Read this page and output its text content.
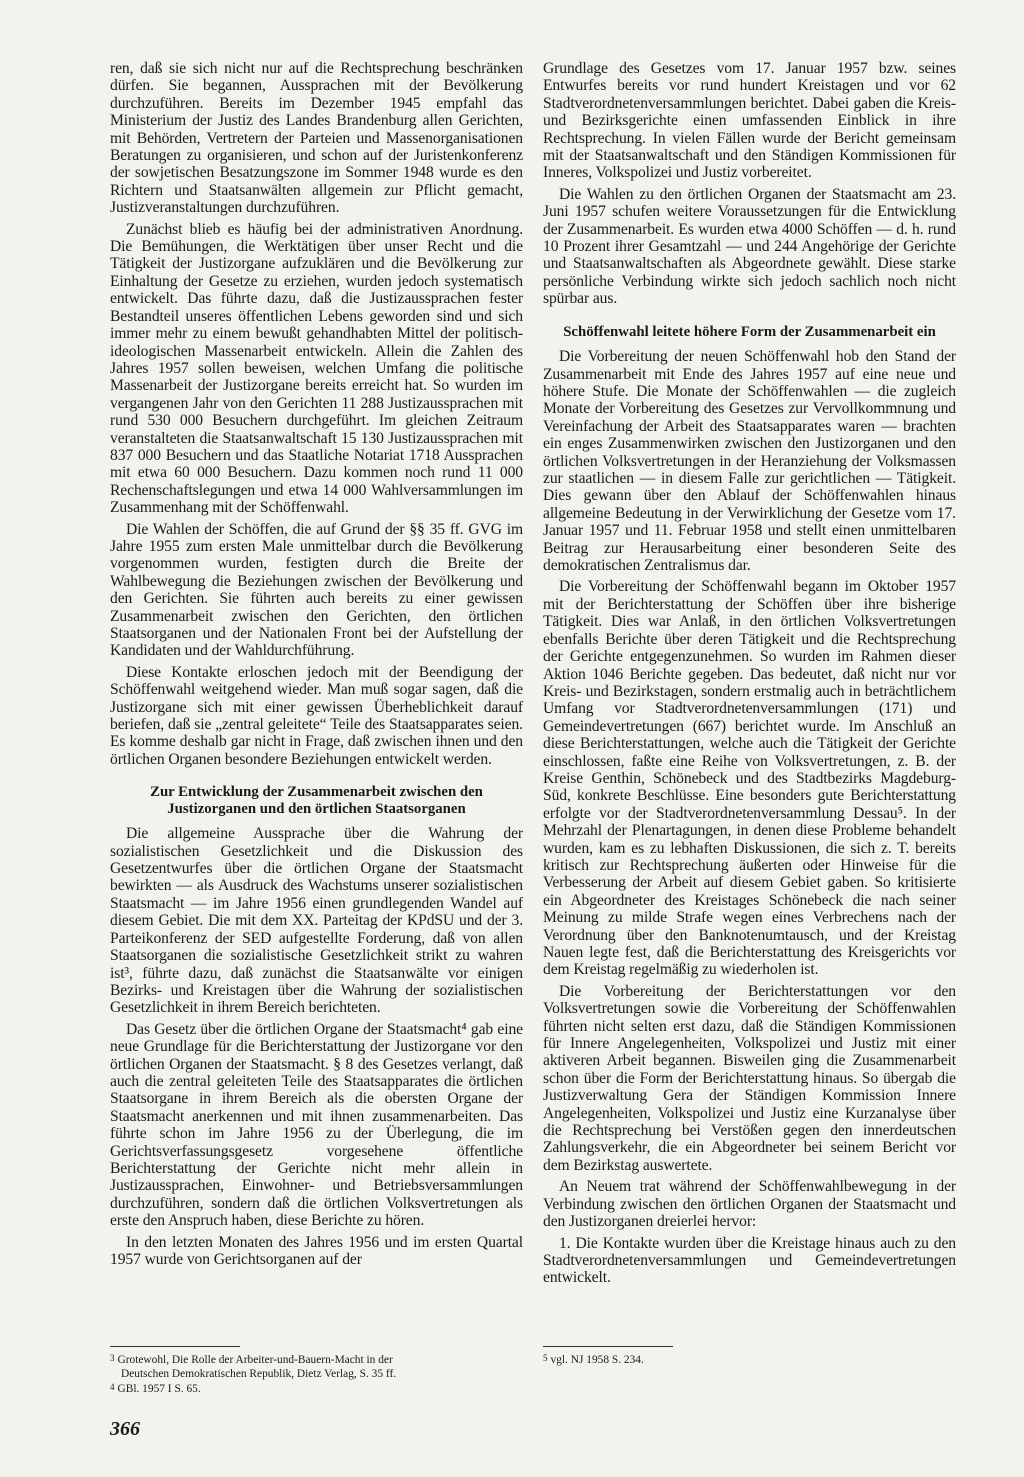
ren, daß sie sich nicht nur auf die Rechtsprechung beschränken dürfen. Sie begannen, Aussprachen mit der Bevölkerung durchzuführen. Bereits im Dezember 1945 empfahl das Ministerium der Justiz des Landes Brandenburg allen Gerichten, mit Behörden, Vertretern der Parteien und Massenorganisationen Beratungen zu organisieren, und schon auf der Juristenkonferenz der sowjetischen Besatzungszone im Sommer 1948 wurde es den Richtern und Staatsanwälten allgemein zur Pflicht gemacht, Justizveranstaltungen durchzuführen.

Zunächst blieb es häufig bei der administrativen Anordnung. Die Bemühungen, die Werktätigen über unser Recht und die Tätigkeit der Justizorgane aufzuklären und die Bevölkerung zur Einhaltung der Gesetze zu erziehen, wurden jedoch systematisch entwickelt. Das führte dazu, daß die Justizaussprachen fester Bestandteil unseres öffentlichen Lebens geworden sind und sich immer mehr zu einem bewußt gehandhabten Mittel der politisch-ideologischen Massenarbeit entwickeln. Allein die Zahlen des Jahres 1957 sollen beweisen, welchen Umfang die politische Massenarbeit der Justizorgane bereits erreicht hat. So wurden im vergangenen Jahr von den Gerichten 11 288 Justizaussprachen mit rund 530 000 Besuchern durchgeführt. Im gleichen Zeitraum veranstalteten die Staatsanwaltschaft 15 130 Justizaussprachen mit 837 000 Besuchern und das Staatliche Notariat 1718 Aussprachen mit etwa 60 000 Besuchern. Dazu kommen noch rund 11 000 Rechenschaftslegungen und etwa 14 000 Wahlversammlungen im Zusammenhang mit der Schöffenwahl.

Die Wahlen der Schöffen, die auf Grund der §§ 35 ff. GVG im Jahre 1955 zum ersten Male unmittelbar durch die Bevölkerung vorgenommen wurden, festigten durch die Breite der Wahlbewegung die Beziehungen zwischen der Bevölkerung und den Gerichten. Sie führten auch bereits zu einer gewissen Zusammenarbeit zwischen den Gerichten, den örtlichen Staatsorganen und der Nationalen Front bei der Aufstellung der Kandidaten und der Wahldurchführung.

Diese Kontakte erloschen jedoch mit der Beendigung der Schöffenwahl weitgehend wieder. Man muß sogar sagen, daß die Justizorgane sich mit einer gewissen Überheblichkeit darauf beriefen, daß sie „zentral geleitete“ Teile des Staatsapparates seien. Es komme deshalb gar nicht in Frage, daß zwischen ihnen und den örtlichen Organen besondere Beziehungen entwickelt werden.

Zur Entwicklung der Zusammenarbeit zwischen den Justizorganen und den örtlichen Staatsorganen

Die allgemeine Aussprache über die Wahrung der sozialistischen Gesetzlichkeit und die Diskussion des Gesetzentwurfes über die örtlichen Organe der Staatsmacht bewirkten — als Ausdruck des Wachstums unserer sozialistischen Staatsmacht — im Jahre 1956 einen grundlegenden Wandel auf diesem Gebiet. Die mit dem XX. Parteitag der KPdSU und der 3. Parteikonferenz der SED aufgestellte Forderung, daß von allen Staatsorganen die sozialistische Gesetzlichkeit strikt zu wahren ist³, führte dazu, daß zunächst die Staatsanwälte vor einigen Bezirks- und Kreistagen über die Wahrung der sozialistischen Gesetzlichkeit in ihrem Bereich berichteten.

Das Gesetz über die örtlichen Organe der Staatsmacht⁴ gab eine neue Grundlage für die Berichterstattung der Justizorgane vor den örtlichen Organen der Staatsmacht. § 8 des Gesetzes verlangt, daß auch die zentral geleiteten Teile des Staatsapparates die örtlichen Staatsorgane in ihrem Bereich als die obersten Organe der Staatsmacht anerkennen und mit ihnen zusammenarbeiten. Das führte schon im Jahre 1956 zu der Überlegung, die im Gerichtsverfassungsgesetz vorgesehene öffentliche Berichterstattung der Gerichte nicht mehr allein in Justizaussprachen, Einwohner- und Betriebsversammlungen durchzuführen, sondern daß die örtlichen Volksvertretungen als erste den Anspruch haben, diese Berichte zu hören.

In den letzten Monaten des Jahres 1956 und im ersten Quartal 1957 wurde von Gerichtsorganen auf der

Grundlage des Gesetzes vom 17. Januar 1957 bzw. seines Entwurfes bereits vor rund hundert Kreistagen und vor 62 Stadtverordnetenversammlungen berichtet. Dabei gaben die Kreis- und Bezirksgerichte einen umfassenden Einblick in ihre Rechtsprechung. In vielen Fällen wurde der Bericht gemeinsam mit der Staatsanwaltschaft und den Ständigen Kommissionen für Inneres, Volkspolizei und Justiz vorbereitet.

Die Wahlen zu den örtlichen Organen der Staatsmacht am 23. Juni 1957 schufen weitere Voraussetzungen für die Entwicklung der Zusammenarbeit. Es wurden etwa 4000 Schöffen — d. h. rund 10 Prozent ihrer Gesamtzahl — und 244 Angehörige der Gerichte und Staatsanwaltschaften als Abgeordnete gewählt. Diese starke persönliche Verbindung wirkte sich jedoch sachlich noch nicht spürbar aus.

Schöffenwahl leitete höhere Form der Zusammenarbeit ein

Die Vorbereitung der neuen Schöffenwahl hob den Stand der Zusammenarbeit mit Ende des Jahres 1957 auf eine neue und höhere Stufe. Die Monate der Schöffenwahlen — die zugleich Monate der Vorbereitung des Gesetzes zur Vervollkommnung und Vereinfachung der Arbeit des Staatsapparates waren — brachten ein enges Zusammenwirken zwischen den Justizorganen und den örtlichen Volksvertretungen in der Heranziehung der Volksmassen zur staatlichen — in diesem Falle zur gerichtlichen — Tätigkeit. Dies gewann über den Ablauf der Schöffenwahlen hinaus allgemeine Bedeutung in der Verwirklichung der Gesetze vom 17. Januar 1957 und 11. Februar 1958 und stellt einen unmittelbaren Beitrag zur Herausarbeitung einer besonderen Seite des demokratischen Zentralismus dar.

Die Vorbereitung der Schöffenwahl begann im Oktober 1957 mit der Berichterstattung der Schöffen über ihre bisherige Tätigkeit. Dies war Anlaß, in den örtlichen Volksvertretungen ebenfalls Berichte über deren Tätigkeit und die Rechtsprechung der Gerichte entgegenzunehmen. So wurden im Rahmen dieser Aktion 1046 Berichte gegeben. Das bedeutet, daß nicht nur vor Kreis- und Bezirkstagen, sondern erstmalig auch in beträchtlichem Umfang vor Stadtverordnetenversammlungen (171) und Gemeindevertretungen (667) berichtet wurde. Im Anschluß an diese Berichterstattungen, welche auch die Tätigkeit der Gerichte einschlossen, faßte eine Reihe von Volksvertretungen, z. B. der Kreise Genthin, Schönebeck und des Stadtbezirks Magdeburg-Süd, konkrete Beschlüsse. Eine besonders gute Berichterstattung erfolgte vor der Stadtverordnetenversammlung Dessau⁵. In der Mehrzahl der Plenartagungen, in denen diese Probleme behandelt wurden, kam es zu lebhaften Diskussionen, die sich z. T. bereits kritisch zur Rechtsprechung äußerten oder Hinweise für die Verbesserung der Arbeit auf diesem Gebiet gaben. So kritisierte ein Abgeordneter des Kreistages Schönebeck die nach seiner Meinung zu milde Strafe wegen eines Verbrechens nach der Verordnung über den Banknotenumtausch, und der Kreistag Nauen legte fest, daß die Berichterstattung des Kreisgerichts vor dem Kreistag regelmäßig zu wiederholen ist.

Die Vorbereitung der Berichterstattungen vor den Volksvertretungen sowie die Vorbereitung der Schöffenwahlen führten nicht selten erst dazu, daß die Ständigen Kommissionen für Innere Angelegenheiten, Volkspolizei und Justiz mit einer aktiveren Arbeit begannen. Bisweilen ging die Zusammenarbeit schon über die Form der Berichterstattung hinaus. So übergab die Justizverwaltung Gera der Ständigen Kommission Innere Angelegenheiten, Volkspolizei und Justiz eine Kurzanalyse über die Rechtsprechung bei Verstößen gegen den innerdeutschen Zahlungsverkehr, die ein Abgeordneter bei seinem Bericht vor dem Bezirkstag auswertete.

An Neuem trat während der Schöffenwahlbewegung in der Verbindung zwischen den örtlichen Organen der Staatsmacht und den Justizorganen dreierlei hervor:

1. Die Kontakte wurden über die Kreistage hinaus auch zu den Stadtverordnetenversammlungen und Gemeindevertretungen entwickelt.

3 Grotewohl, Die Rolle der Arbeiter-und-Bauern-Macht in der

Deutschen Demokratischen Republik, Dietz Verlag, S. 35 ff.

4 GBl. 1957 I S. 65.

5 vgl. NJ 1958 S. 234.

366
